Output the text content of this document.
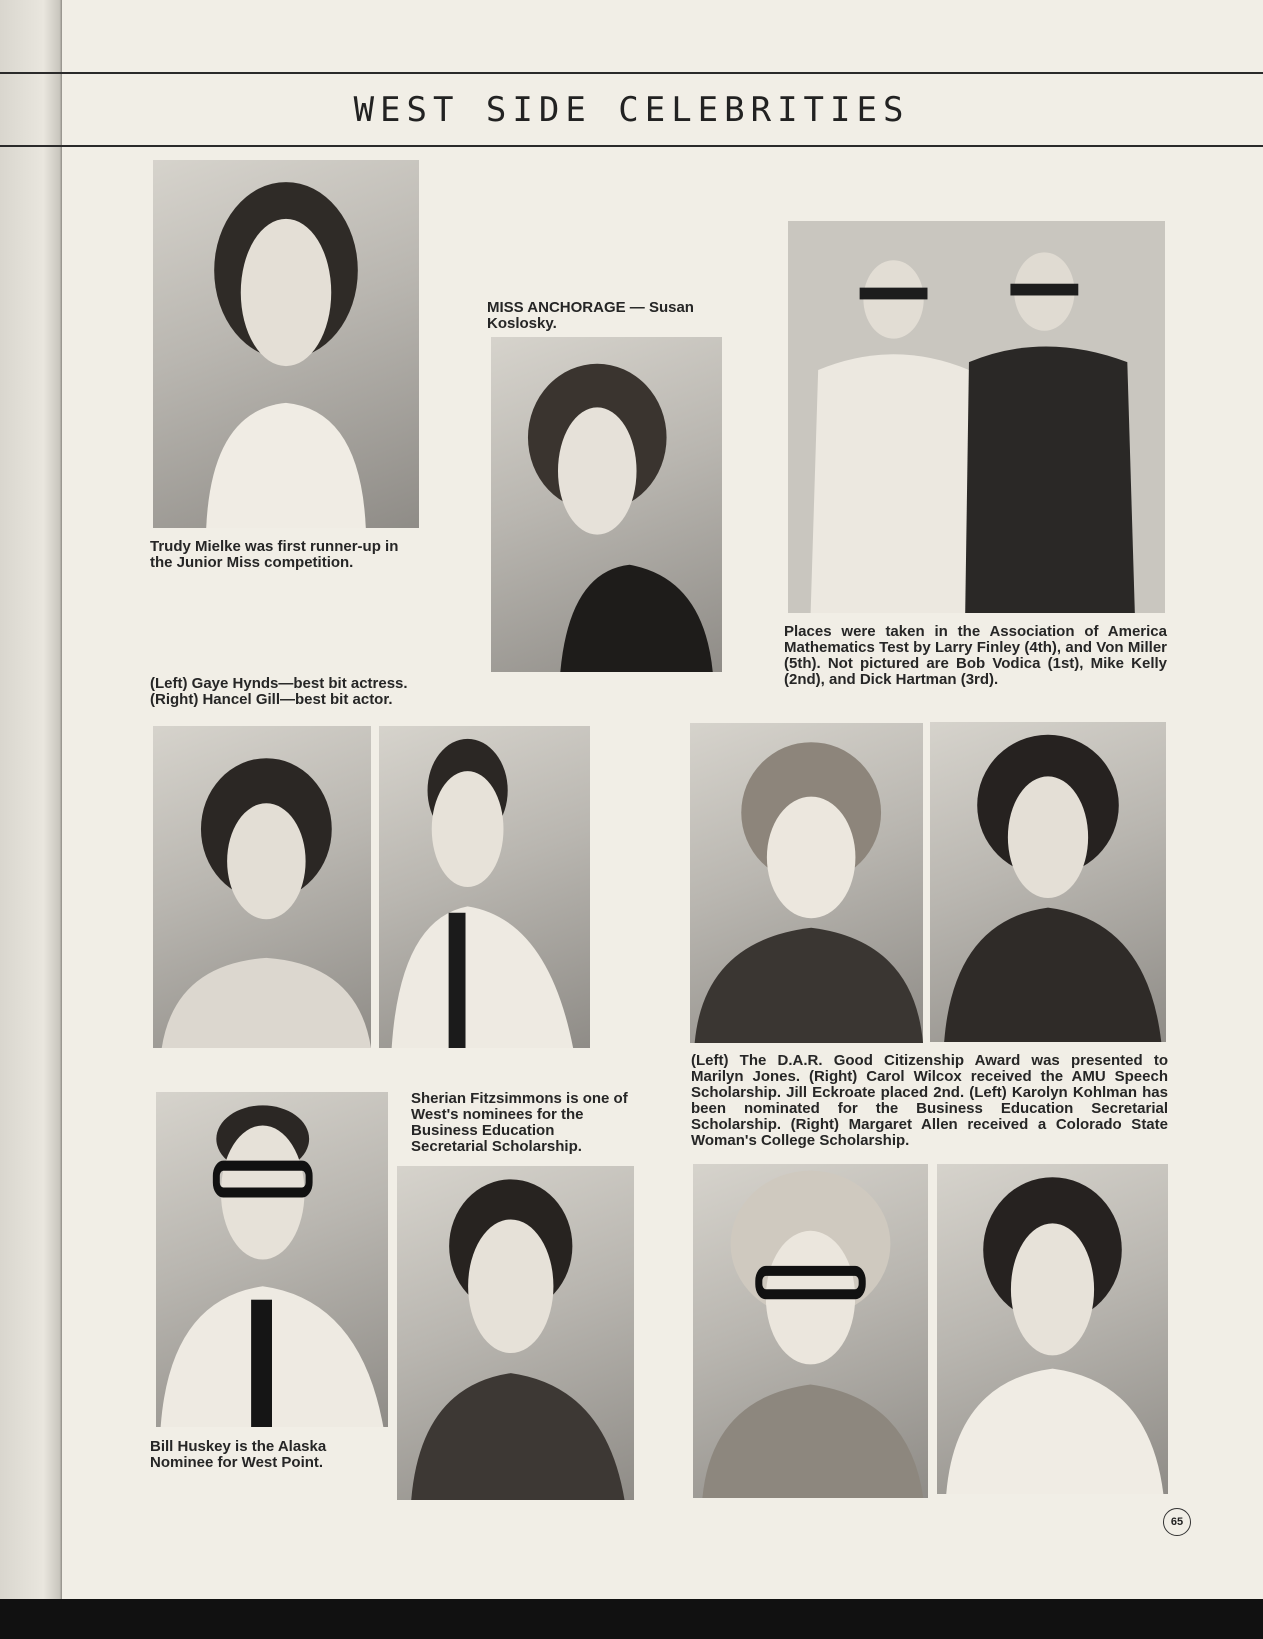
WEST SIDE CELEBRITIES

Trudy Mielke was first runner-up in the Junior Miss competition.

MISS ANCHORAGE — Susan Koslosky.

Places were taken in the Association of America Mathematics Test by Larry Finley (4th), and Von Miller (5th). Not pictured are Bob Vodica (1st), Mike Kelly (2nd), and Dick Hartman (3rd).

(Left) Gaye Hynds—best bit actress. (Right) Hancel Gill—best bit actor.

(Left) The D.A.R. Good Citizenship Award was presented to Marilyn Jones. (Right) Carol Wilcox received the AMU Speech Scholarship. Jill Eckroate placed 2nd. (Left) Karolyn Kohlman has been nominated for the Business Education Secretarial Scholarship. (Right) Margaret Allen received a Colorado State Woman's College Scholarship.

Bill Huskey is the Alaska Nominee for West Point.

Sherian Fitzsimmons is one of West's nominees for the Business Education Secretarial Scholarship.

65
